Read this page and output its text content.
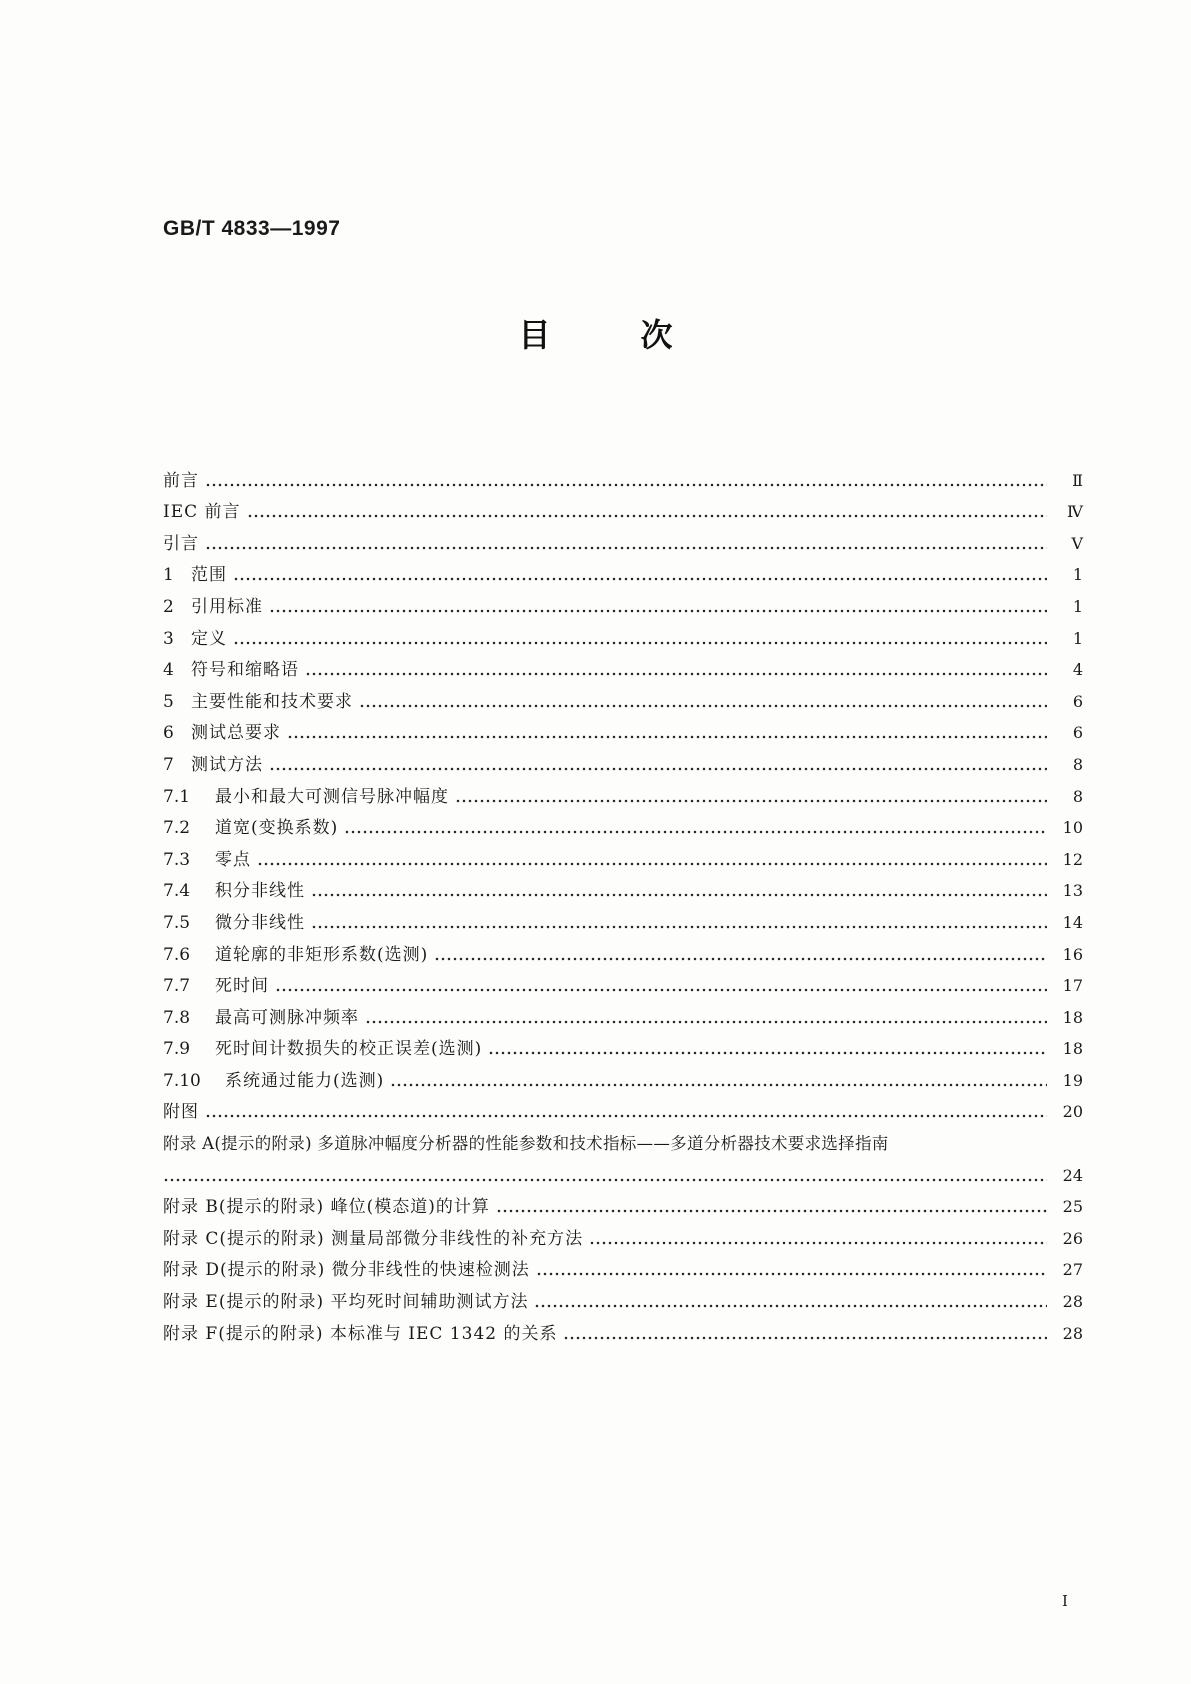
GB/T 4833—1997
目	次
前言	Ⅱ
IEC 前言	Ⅳ
引言	Ⅴ
1	范围	1
2	引用标准	1
3	定义	1
4	符号和缩略语	4
5	主要性能和技术要求	6
6	测试总要求	6
7	测试方法	8
7.1	最小和最大可测信号脉冲幅度	8
7.2	道宽(变换系数)	10
7.3	零点	12
7.4	积分非线性	13
7.5	微分非线性	14
7.6	道轮廓的非矩形系数(选测)	16
7.7	死时间	17
7.8	最高可测脉冲频率	18
7.9	死时间计数损失的校正误差(选测)	18
7.10	系统通过能力(选测)	19
附图	20
附录 A(提示的附录) 多道脉冲幅度分析器的性能参数和技术指标——多道分析器技术要求选择指南
24
附录 B(提示的附录) 峰位(模态道)的计算	25
附录 C(提示的附录) 测量局部微分非线性的补充方法	26
附录 D(提示的附录) 微分非线性的快速检测法	27
附录 E(提示的附录) 平均死时间辅助测试方法	28
附录 F(提示的附录) 本标准与 IEC 1342 的关系	28
Ⅰ
